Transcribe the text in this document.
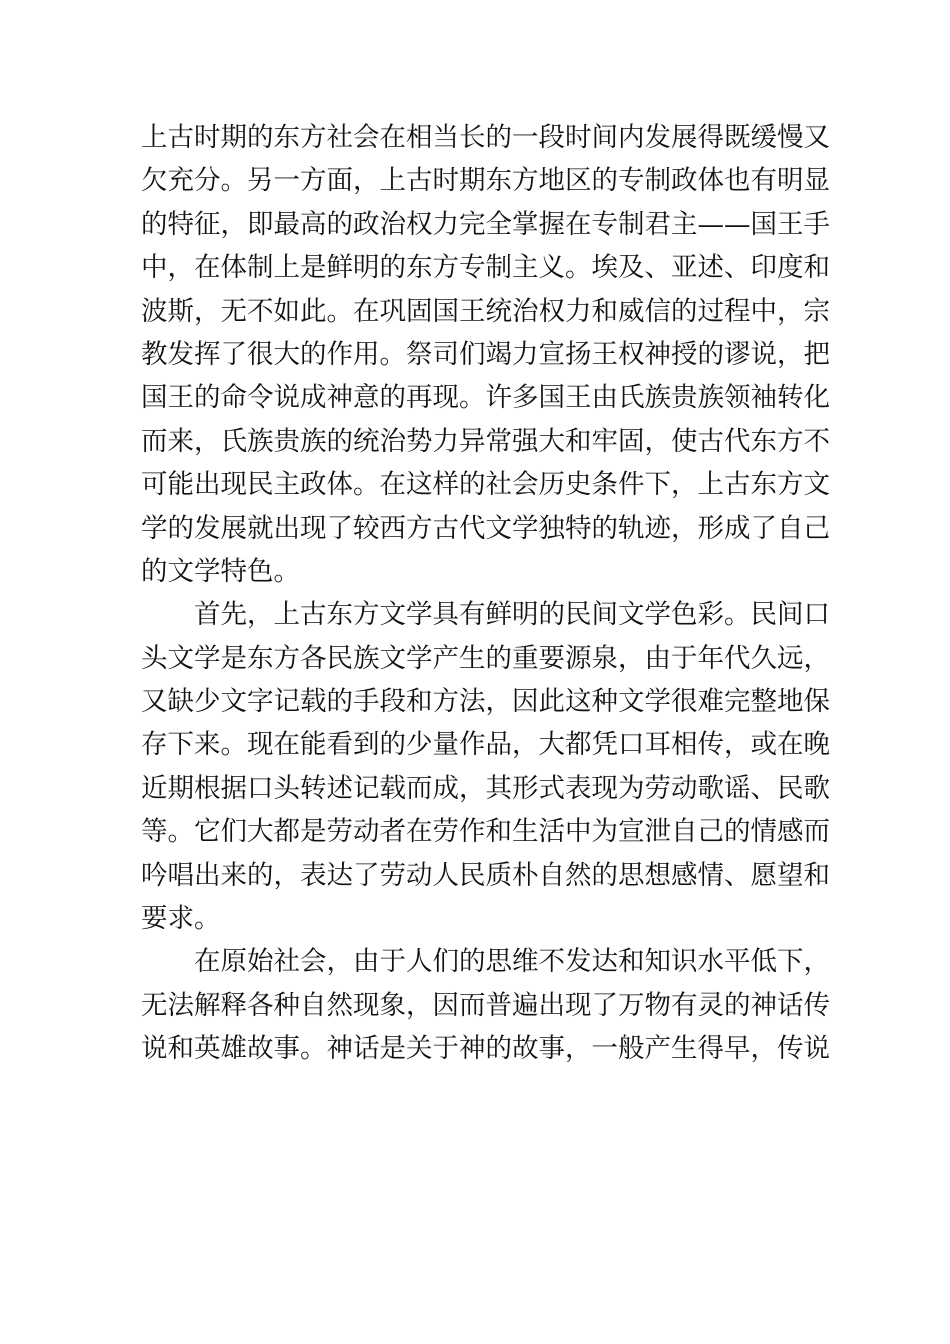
上古时期的东方社会在相当长的一段时间内发展得既缓慢又
欠充分。另一方面，上古时期东方地区的专制政体也有明显
的特征，即最高的政治权力完全掌握在专制君主——国王手
中，在体制上是鲜明的东方专制主义。埃及、亚述、印度和
波斯，无不如此。在巩固国王统治权力和威信的过程中，宗
教发挥了很大的作用。祭司们竭力宣扬王权神授的谬说，把
国王的命令说成神意的再现。许多国王由氏族贵族领袖转化
而来，氏族贵族的统治势力异常强大和牢固，使古代东方不
可能出现民主政体。在这样的社会历史条件下，上古东方文
学的发展就出现了较西方古代文学独特的轨迹，形成了自己
的文学特色。
首先，上古东方文学具有鲜明的民间文学色彩。民间口
头文学是东方各民族文学产生的重要源泉，由于年代久远，
又缺少文字记载的手段和方法，因此这种文学很难完整地保
存下来。现在能看到的少量作品，大都凭口耳相传，或在晚
近期根据口头转述记载而成，其形式表现为劳动歌谣、民歌
等。它们大都是劳动者在劳作和生活中为宣泄自己的情感而
吟唱出来的，表达了劳动人民质朴自然的思想感情、愿望和
要求。
在原始社会，由于人们的思维不发达和知识水平低下，
无法解释各种自然现象，因而普遍出现了万物有灵的神话传
说和英雄故事。神话是关于神的故事，一般产生得早，传说
